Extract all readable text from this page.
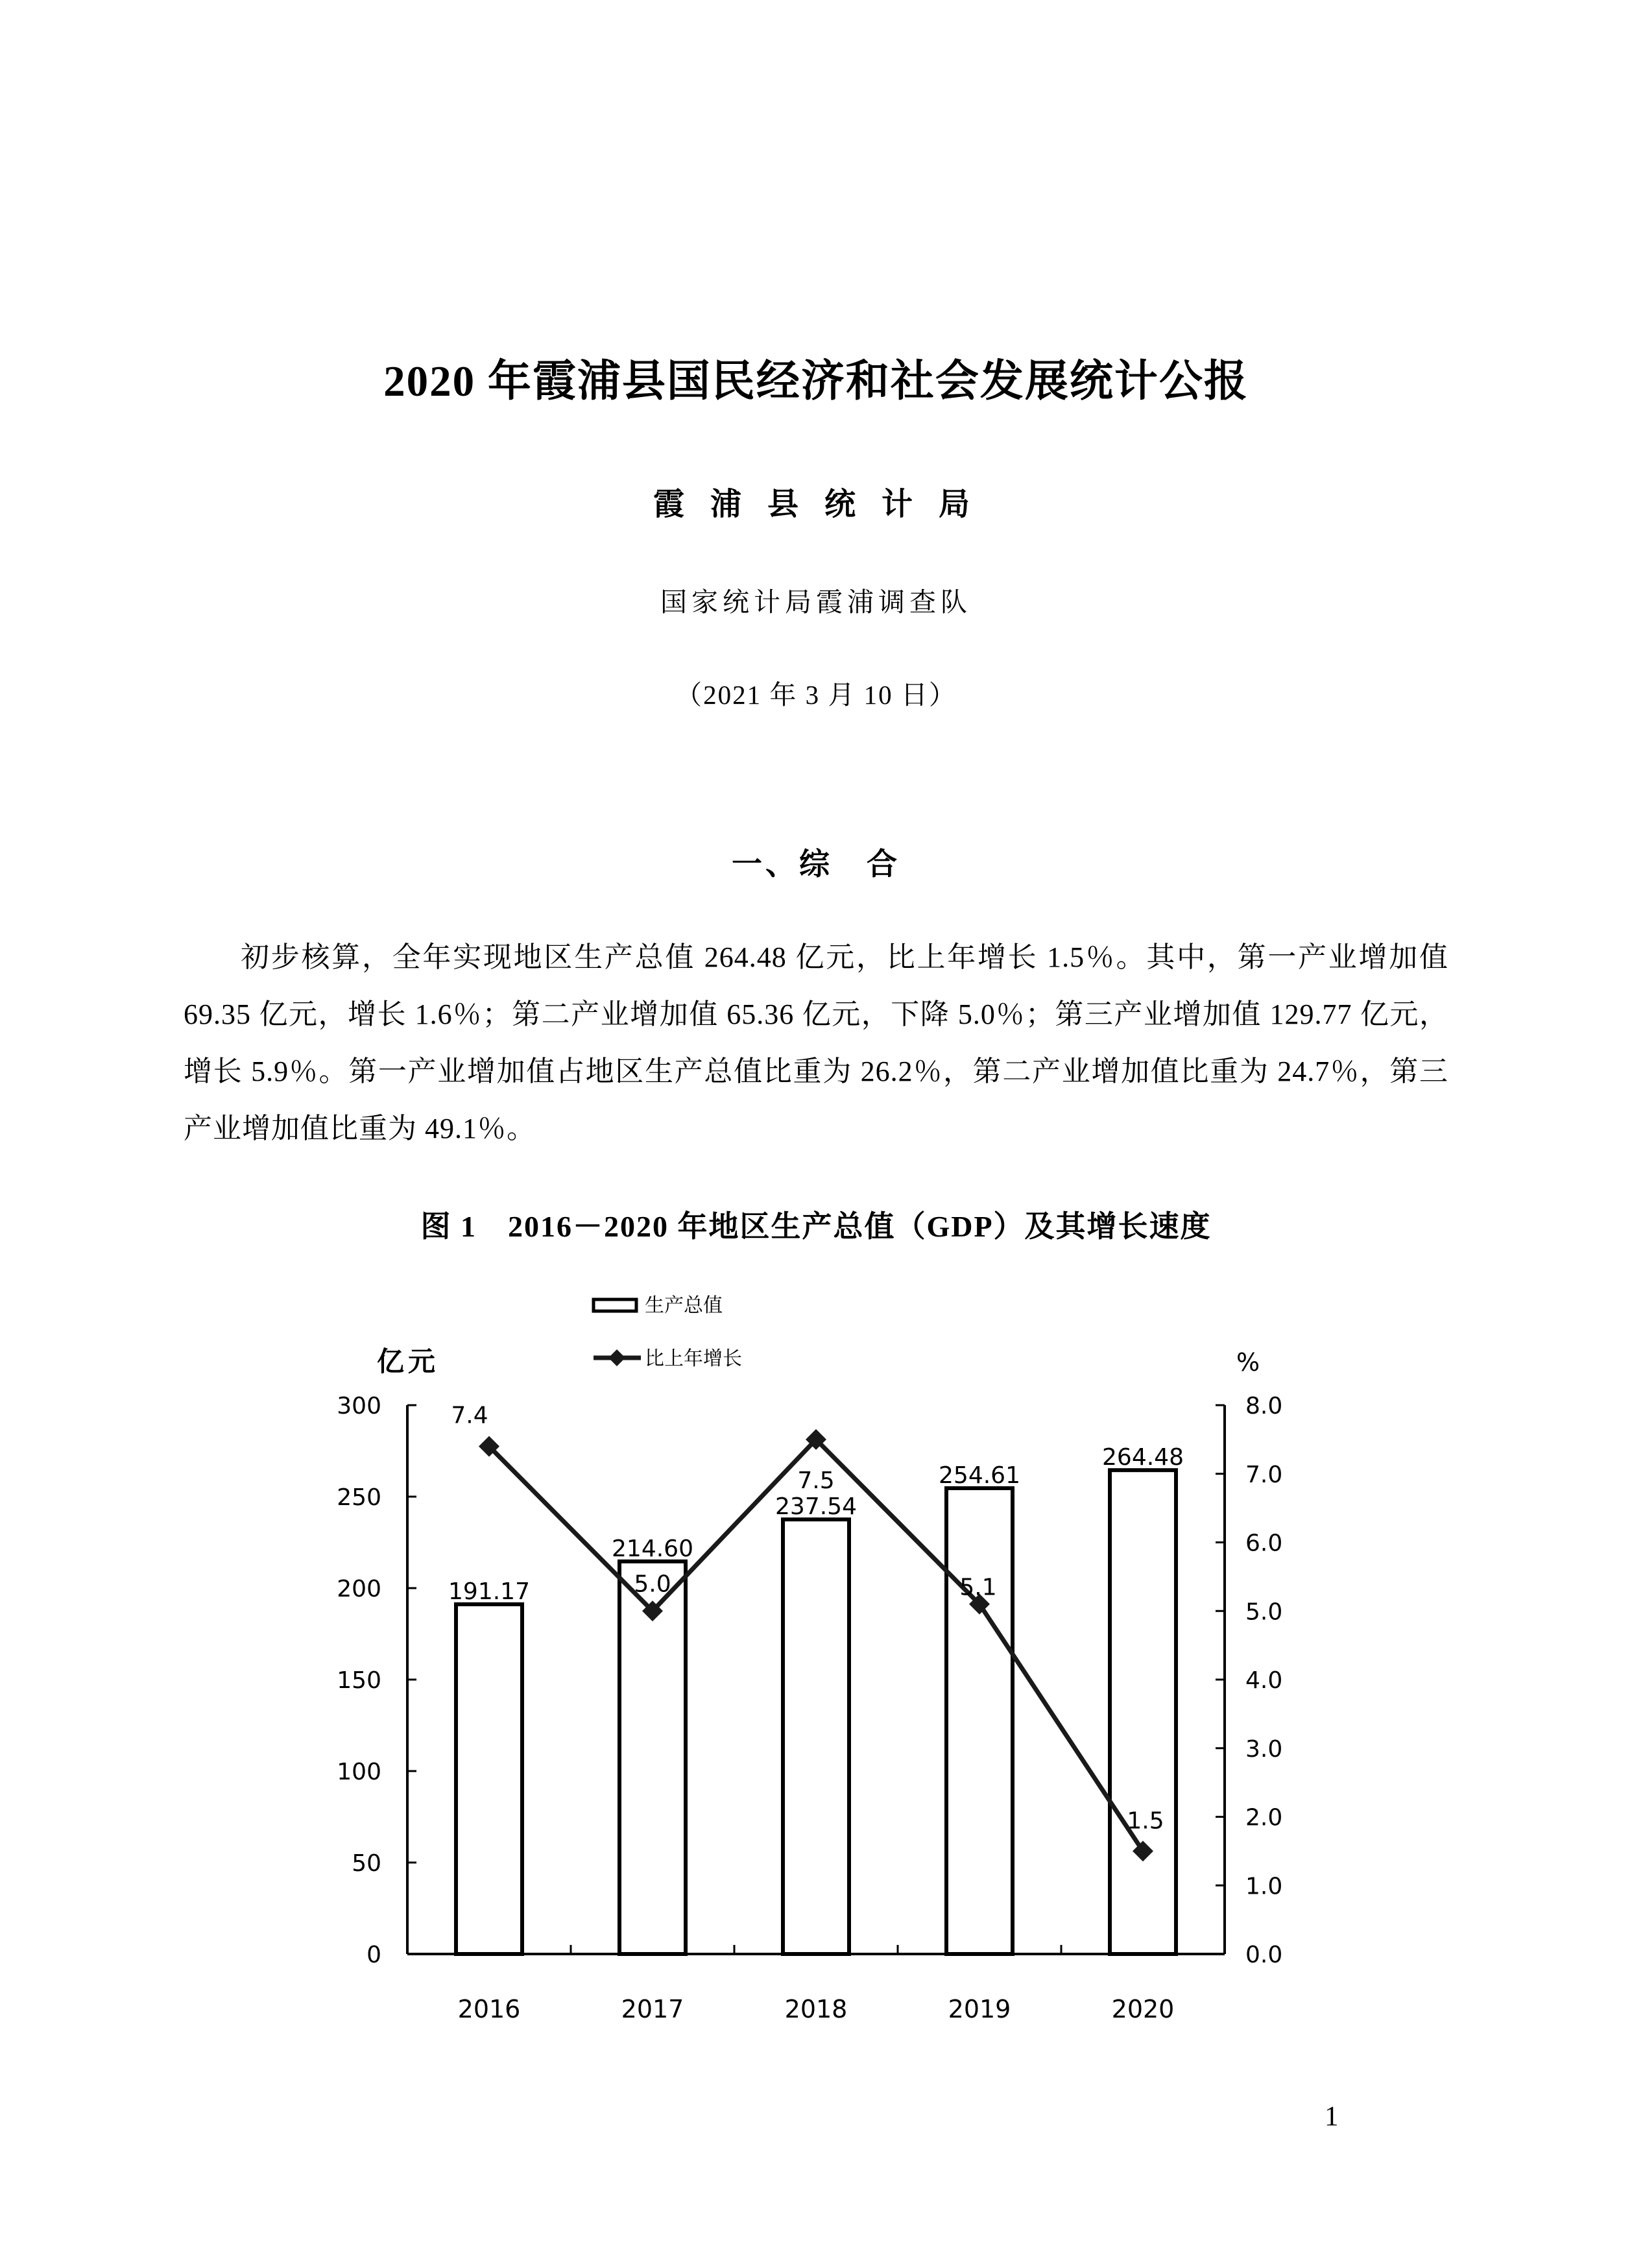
2020 年霞浦县国民经济和社会发展统计公报
霞 浦 县 统 计 局
国家统计局霞浦调查队
（2021 年 3 月 10 日）
一、综　合

初步核算，全年实现地区生产总值 264.48 亿元，比上年增长 1.5％。其中，第一产业增加值 69.35 亿元，增长 1.6％；第二产业增加值 65.36 亿元，下降 5.0％；第三产业增加值 129.77 亿元，增长 5.9％。第一产业增加值占地区生产总值比重为 26.2％，第二产业增加值比重为 24.7％，第三产业增加值比重为 49.1％。

图 1　2016－2020 年地区生产总值（GDP）及其增长速度
亿元	%
生产总值
比上年增长
0
50
100
150
200
250
300
0.0
1.0
2.0
3.0
4.0
5.0
6.0
7.0
8.0
191.17
214.60
237.54
254.61
264.48
7.4
5.0
7.5
5.1
1.5
2016	2017	2018	2019	2020
1
